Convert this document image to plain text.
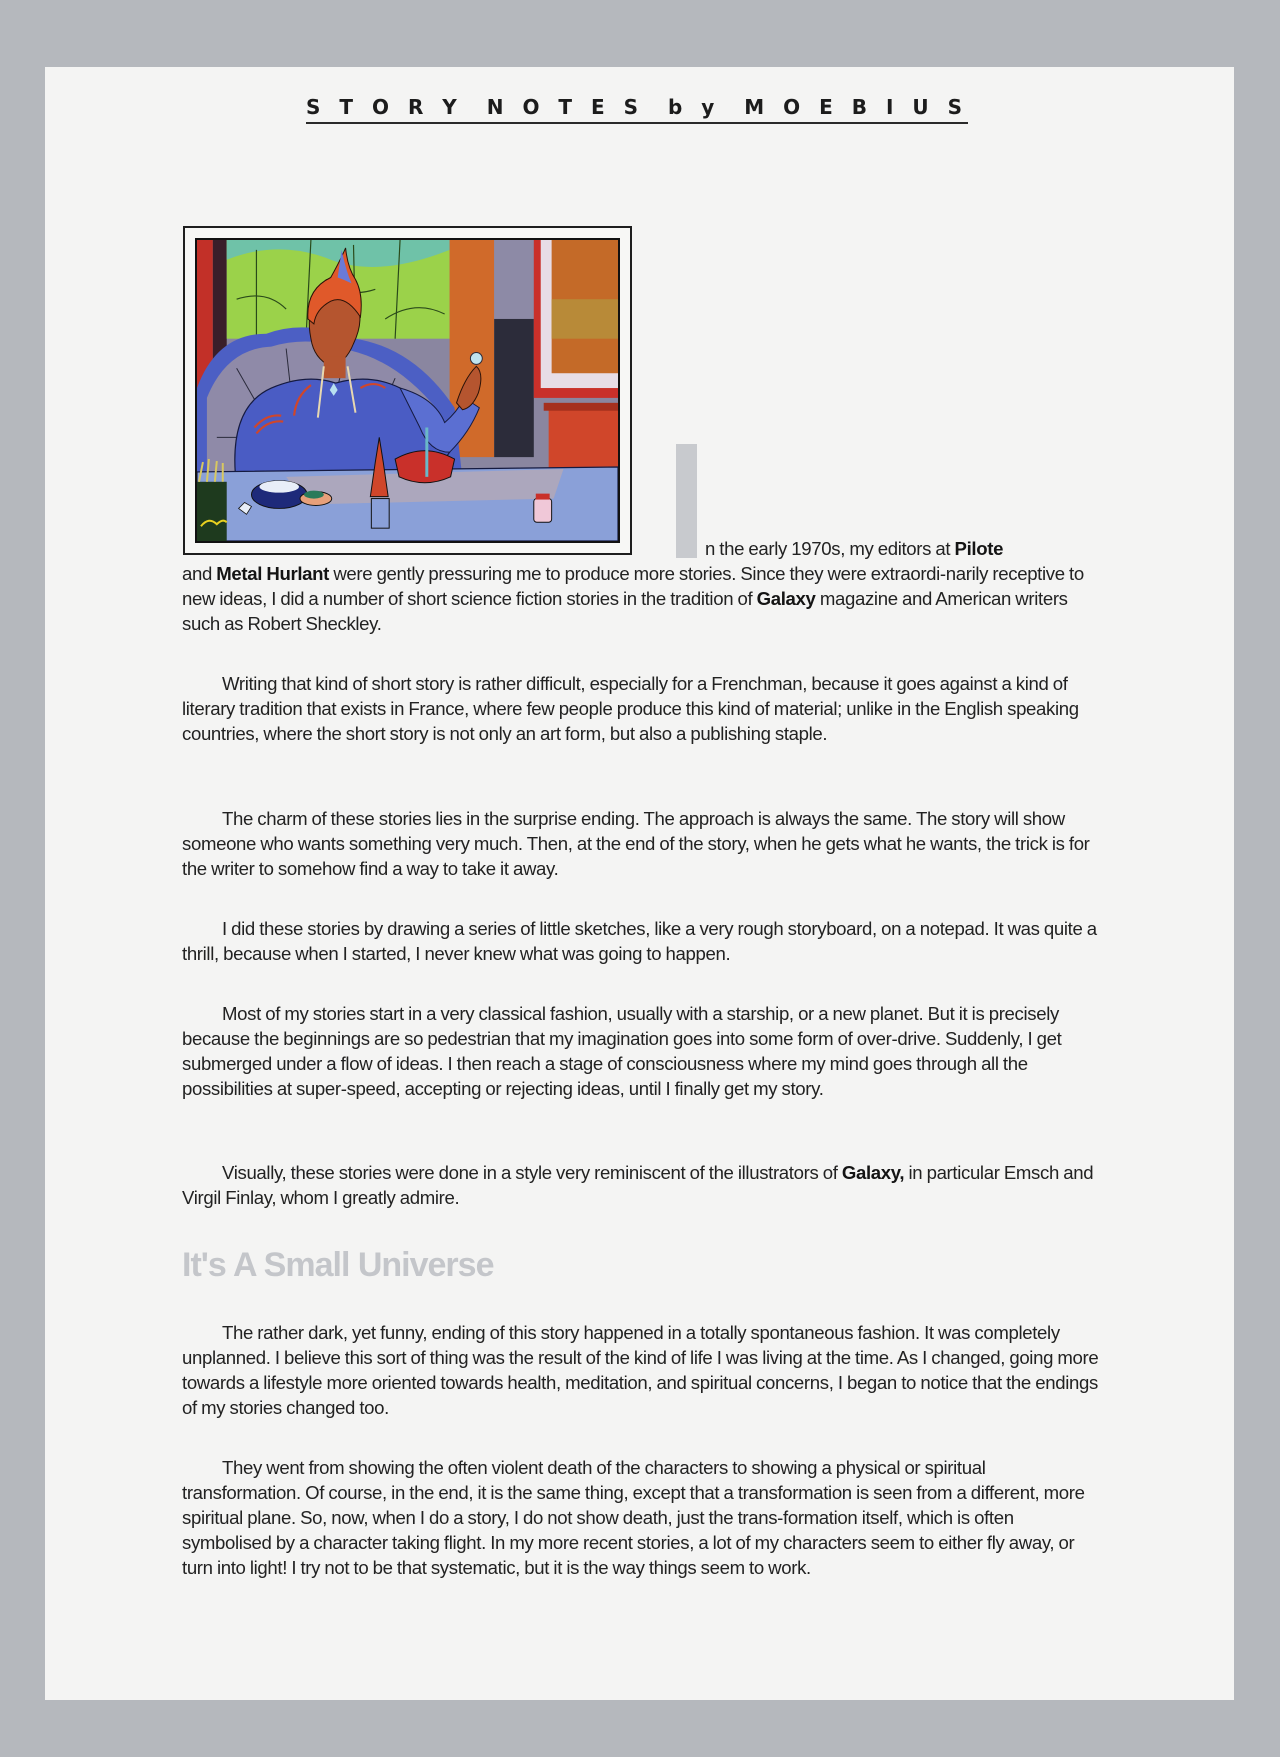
S T O R Y N O T E S b y M O E B I U S
n the early 1970s, my editors at Pilote

and Metal Hurlant were gently pressuring me to produce more stories. Since they were extraordi-narily receptive to new ideas, I did a number of short science fiction stories in the tradition of Galaxy magazine and American writers such as Robert Sheckley.

Writing that kind of short story is rather difficult, especially for a Frenchman, because it goes against a kind of literary tradition that exists in France, where few people produce this kind of material; unlike in the English speaking countries, where the short story is not only an art form, but also a publishing staple.

The charm of these stories lies in the surprise ending. The approach is always the same. The story will show someone who wants something very much. Then, at the end of the story, when he gets what he wants, the trick is for the writer to somehow find a way to take it away.

I did these stories by drawing a series of little sketches, like a very rough storyboard, on a notepad. It was quite a thrill, because when I started, I never knew what was going to happen.

Most of my stories start in a very classical fashion, usually with a starship, or a new planet. But it is precisely because the beginnings are so pedestrian that my imagination goes into some form of over-drive. Suddenly, I get submerged under a flow of ideas. I then reach a stage of consciousness where my mind goes through all the possibilities at super-speed, accepting or rejecting ideas, until I finally get my story.

Visually, these stories were done in a style very reminiscent of the illustrators of Galaxy, in particular Emsch and Virgil Finlay, whom I greatly admire.

It's A Small Universe

The rather dark, yet funny, ending of this story happened in a totally spontaneous fashion. It was completely unplanned. I believe this sort of thing was the result of the kind of life I was living at the time. As I changed, going more towards a lifestyle more oriented towards health, meditation, and spiritual concerns, I began to notice that the endings of my stories changed too.

They went from showing the often violent death of the characters to showing a physical or spiritual transformation. Of course, in the end, it is the same thing, except that a transformation is seen from a different, more spiritual plane. So, now, when I do a story, I do not show death, just the trans-formation itself, which is often symbolised by a character taking flight. In my more recent stories, a lot of my characters seem to either fly away, or turn into light! I try not to be that systematic, but it is the way things seem to work.
